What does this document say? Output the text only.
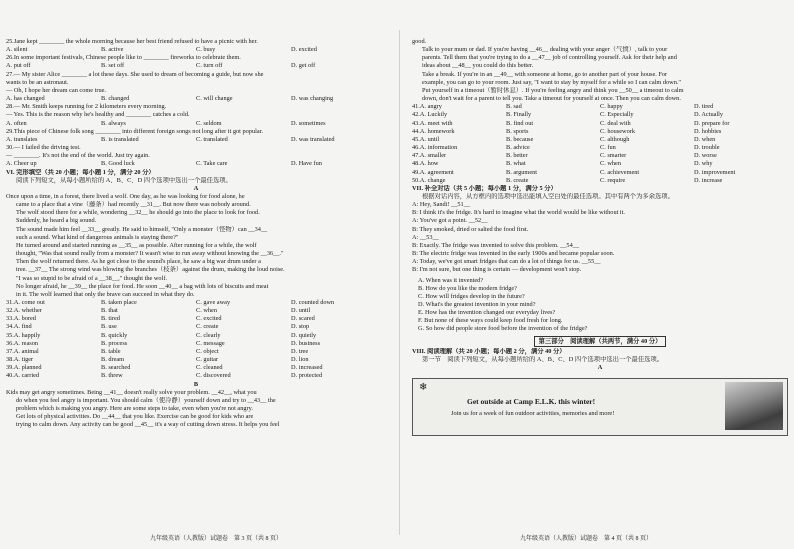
25.Jane kept ________ the whole morning because her best friend refused to have a picnic with her.
A. silent	B. active	C. busy	D. excited
26.In some important festivals, Chinese people like to ________ fireworks to celebrate them.
A. put off	B. set off	C. turn off	D. get off
27.— My sister Alice ________ a lot these days. She used to dream of becoming a guide, but now she
wants to be an astronaut.
— Oh, I hope her dream can come true.
A. has changed	B. changed	C. will change	D. was changing
28.— Mr. Smith keeps running for 2 kilometers every morning.
— Yes. This is the reason why he's healthy and ________ catches a cold.
A. often	B. always	C. seldom	D. sometimes
29.This piece of Chinese folk song ________ into different foreign songs not long after it got popular.
A. translates	B. is translated	C. translated	D. was translated
30.— I failed the driving test.
— ________. It's not the end of the world. Just try again.
A. Cheer up	B. Good luck	C. Take care	D. Have fun
VI. 完形填空（共 20 小题；每小题 1 分，满分 20 分）
阅读下列短文，从每小题所给的 A、B、C、D 四个选项中选出一个最佳选项。
A
Once upon a time, in a forest, there lived a wolf. One day, as he was looking for food alone, he
came to a place that a vine（藤条）had recently __31__. But now there was nobody around.
The wolf stood there for a while, wondering __32__ he should go into the place to look for food.
Suddenly, he heard a big sound.
The sound made him feel __33__ greatly. He said to himself, "Only a monster（怪物）can __34__
such a sound. What kind of dangerous animals is staying there?"
He turned around and started running as __35__ as possible. After running for a while, the wolf
thought, "Was that sound really from a monster? It wasn't wise to run away without knowing the __36__."
Then the wolf returned there. As he got close to the sound's place, he saw a big war drum under a
tree. __37__ The strong wind was blowing the branches（枝条）against the drum, making the loud noise.
"I was so stupid to be afraid of a __38__," thought the wolf.
No longer afraid, he __39__ the place for food. He soon __40__ a bag with lots of biscuits and meat
in it. The wolf learned that only the brave can succeed in what they do.
31.A. come out	B. taken place	C. gave away	D. counted down
32.A. whether	B. that	C. when	D. until
33.A. bored	B. tired	C. excited	D. scared
34.A. find	B. use	C. create	D. stop
35.A. happily	B. quickly	C. clearly	D. quietly
36.A. reason	B. process	C. message	D. business
37.A. animal	B. table	C. object	D. tree
38.A. tiger	B. dream	C. guitar	D. lion
39.A. planned	B. searched	C. cleaned	D. increased
40.A. carried	B. threw	C. discovered	D. protected
B
Kids may get angry sometimes. Being __41__ doesn't really solve your problem. __42__, what you
do when you feel angry is important. You should calm（使冷静）yourself down and try to __43__ the
problem which is making you angry. Here are some steps to take, even when you're not angry.
Get lots of physical activities. Do __44__ that you like. Exercise can be good for kids who are
trying to calm down. Any activity can be good __45__ it's a way of cutting down stress. It helps you feel
good.
Talk to your mum or dad. If you're having __46__ dealing with your anger（气愤）, talk to your
parents. Tell them that you're trying to do a __47__ job of controlling yourself. Ask for their help and
ideas about __48__ you could do this better.
Take a break. If you're in an __49__ with someone at home, go to another part of your house. For
example, you can go to your room. Just say, "I want to stay by myself for a while so I can calm down."
Put yourself in a timeout（暂时休息）. If you're feeling angry and think you __50__ a timeout to calm
down, don't wait for a parent to tell you. Take a timeout for yourself at once. Then you can calm down.
41.A. angry	B. sad	C. happy	D. tired
42.A. Luckily	B. Finally	C. Especially	D. Actually
43.A. meet with	B. find out	C. deal with	D. prepare for
44.A. homework	B. sports	C. housework	D. hobbies
45.A. until	B. because	C. although	D. when
46.A. information	B. advice	C. fun	D. trouble
47.A. smaller	B. better	C. smarter	D. worse
48.A. how	B. what	C. when	D. why
49.A. agreement	B. argument	C. achievement	D. improvement
50.A. change	B. create	C. require	D. increase
VII. 补全对话（共 5 小题；每小题 1 分，满分 5 分）
根据对话内容，从方框内的选项中选出能填入空白处的最佳选项。其中有两个为多余选项。
A: Hey, Sandi! __51__
B: I think it's the fridge. It's hard to imagine what the world would be like without it.
A: You've got a point. __52__
B: They smoked, dried or salted the food first.
A: __53__
B: Exactly. The fridge was invented to solve this problem. __54__
B: The electric fridge was invented in the early 1900s and became popular soon.
A: Today, we've got smart fridges that can do a lot of things for us. __55__
B: I'm not sure, but one thing is certain — development won't stop.
A. When was it invented?
B. How do you like the modern fridge?
C. How will fridges develop in the future?
D. What's the greatest invention in your mind?
E. How has the invention changed our everyday lives?
F. But none of these ways could keep food fresh for long.
G. So how did people store food before the invention of the fridge?
第三部分　阅读理解（共两节，满分 40 分）
VIII. 阅读理解（共 20 小题；每小题 2 分，满分 40 分）
第一节　阅读下列短文，从每小题所给的 A、B、C、D 四个选项中选出一个最佳选项。
A
❄
Get outside at Camp E.L.K. this winter!
Join us for a week of fun outdoor activities, memories and more!
九年级英语（人教版）试题卷　第 3 页（共 8 页）	九年级英语（人教版）试题卷　第 4 页（共 8 页）
